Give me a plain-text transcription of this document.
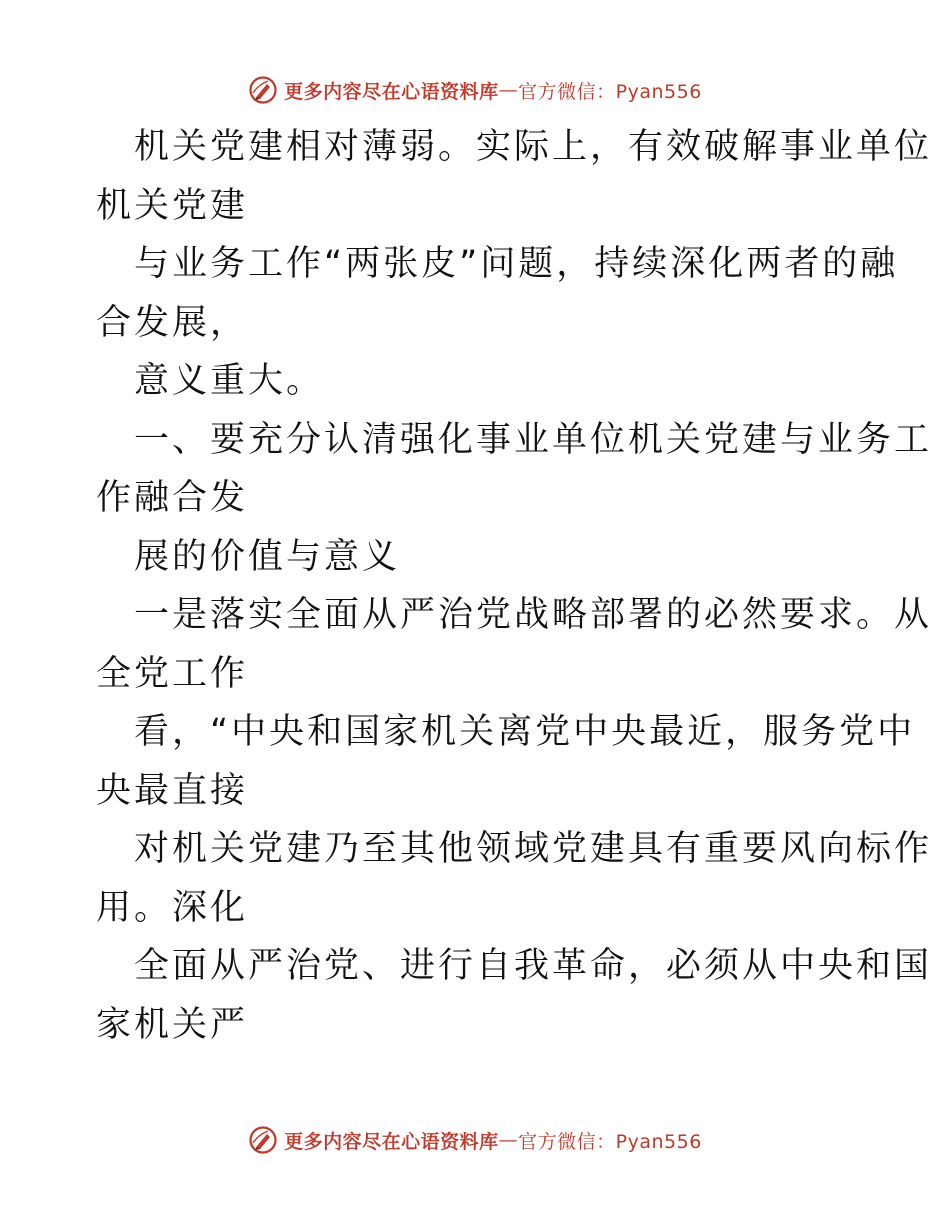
更多内容尽在心语资料库 — 官方微信：Pyan556
机关党建相对薄弱。实际上，有效破解事业单位
机关党建
与业务工作“两张皮”问题，持续深化两者的融
合发展，
意义重大。
一、要充分认清强化事业单位机关党建与业务工
作融合发
展的价值与意义
一是落实全面从严治党战略部署的必然要求。从
全党工作
看，“中央和国家机关离党中央最近，服务党中
央最直接
对机关党建乃至其他领域党建具有重要风向标作
用。深化
全面从严治党、进行自我革命，必须从中央和国
家机关严
更多内容尽在心语资料库 — 官方微信：Pyan556
